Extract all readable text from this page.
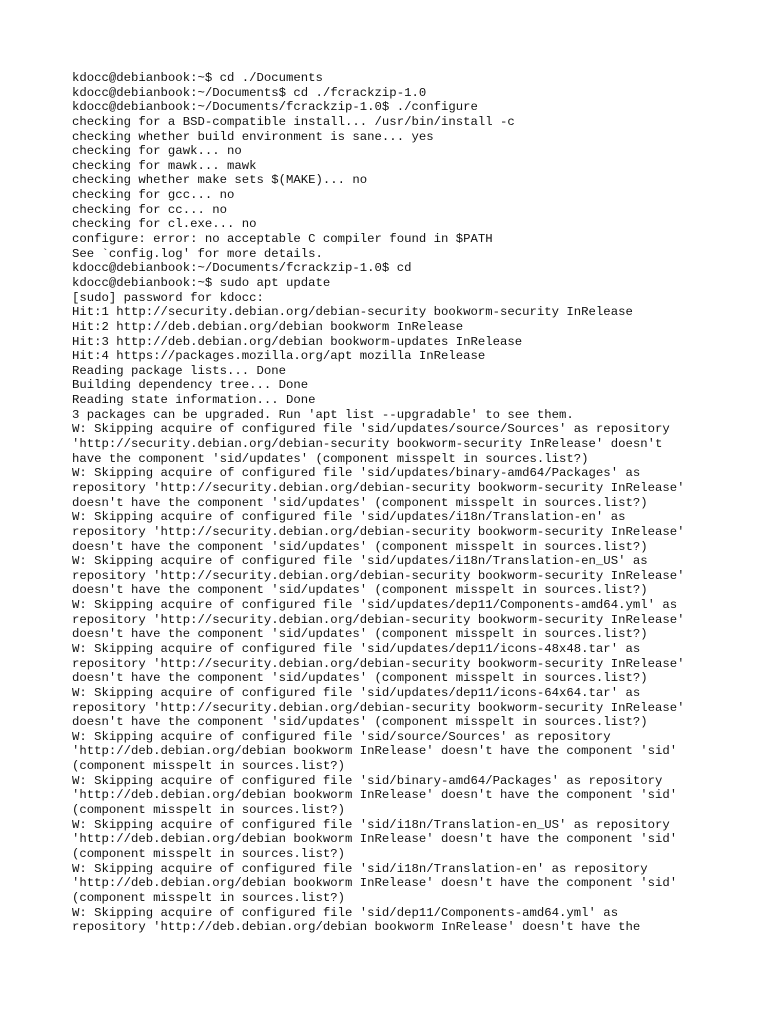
kdocc@debianbook:~$ cd ./Documents
kdocc@debianbook:~/Documents$ cd ./fcrackzip-1.0
kdocc@debianbook:~/Documents/fcrackzip-1.0$ ./configure
checking for a BSD-compatible install... /usr/bin/install -c
checking whether build environment is sane... yes
checking for gawk... no
checking for mawk... mawk
checking whether make sets $(MAKE)... no
checking for gcc... no
checking for cc... no
checking for cl.exe... no
configure: error: no acceptable C compiler found in $PATH
See `config.log' for more details.
kdocc@debianbook:~/Documents/fcrackzip-1.0$ cd
kdocc@debianbook:~$ sudo apt update
[sudo] password for kdocc:
Hit:1 http://security.debian.org/debian-security bookworm-security InRelease
Hit:2 http://deb.debian.org/debian bookworm InRelease
Hit:3 http://deb.debian.org/debian bookworm-updates InRelease
Hit:4 https://packages.mozilla.org/apt mozilla InRelease
Reading package lists... Done
Building dependency tree... Done
Reading state information... Done
3 packages can be upgraded. Run 'apt list --upgradable' to see them.
W: Skipping acquire of configured file 'sid/updates/source/Sources' as repository
'http://security.debian.org/debian-security bookworm-security InRelease' doesn't
have the component 'sid/updates' (component misspelt in sources.list?)
W: Skipping acquire of configured file 'sid/updates/binary-amd64/Packages' as
repository 'http://security.debian.org/debian-security bookworm-security InRelease'
doesn't have the component 'sid/updates' (component misspelt in sources.list?)
W: Skipping acquire of configured file 'sid/updates/i18n/Translation-en' as
repository 'http://security.debian.org/debian-security bookworm-security InRelease'
doesn't have the component 'sid/updates' (component misspelt in sources.list?)
W: Skipping acquire of configured file 'sid/updates/i18n/Translation-en_US' as
repository 'http://security.debian.org/debian-security bookworm-security InRelease'
doesn't have the component 'sid/updates' (component misspelt in sources.list?)
W: Skipping acquire of configured file 'sid/updates/dep11/Components-amd64.yml' as
repository 'http://security.debian.org/debian-security bookworm-security InRelease'
doesn't have the component 'sid/updates' (component misspelt in sources.list?)
W: Skipping acquire of configured file 'sid/updates/dep11/icons-48x48.tar' as
repository 'http://security.debian.org/debian-security bookworm-security InRelease'
doesn't have the component 'sid/updates' (component misspelt in sources.list?)
W: Skipping acquire of configured file 'sid/updates/dep11/icons-64x64.tar' as
repository 'http://security.debian.org/debian-security bookworm-security InRelease'
doesn't have the component 'sid/updates' (component misspelt in sources.list?)
W: Skipping acquire of configured file 'sid/source/Sources' as repository
'http://deb.debian.org/debian bookworm InRelease' doesn't have the component 'sid'
(component misspelt in sources.list?)
W: Skipping acquire of configured file 'sid/binary-amd64/Packages' as repository
'http://deb.debian.org/debian bookworm InRelease' doesn't have the component 'sid'
(component misspelt in sources.list?)
W: Skipping acquire of configured file 'sid/i18n/Translation-en_US' as repository
'http://deb.debian.org/debian bookworm InRelease' doesn't have the component 'sid'
(component misspelt in sources.list?)
W: Skipping acquire of configured file 'sid/i18n/Translation-en' as repository
'http://deb.debian.org/debian bookworm InRelease' doesn't have the component 'sid'
(component misspelt in sources.list?)
W: Skipping acquire of configured file 'sid/dep11/Components-amd64.yml' as
repository 'http://deb.debian.org/debian bookworm InRelease' doesn't have the
